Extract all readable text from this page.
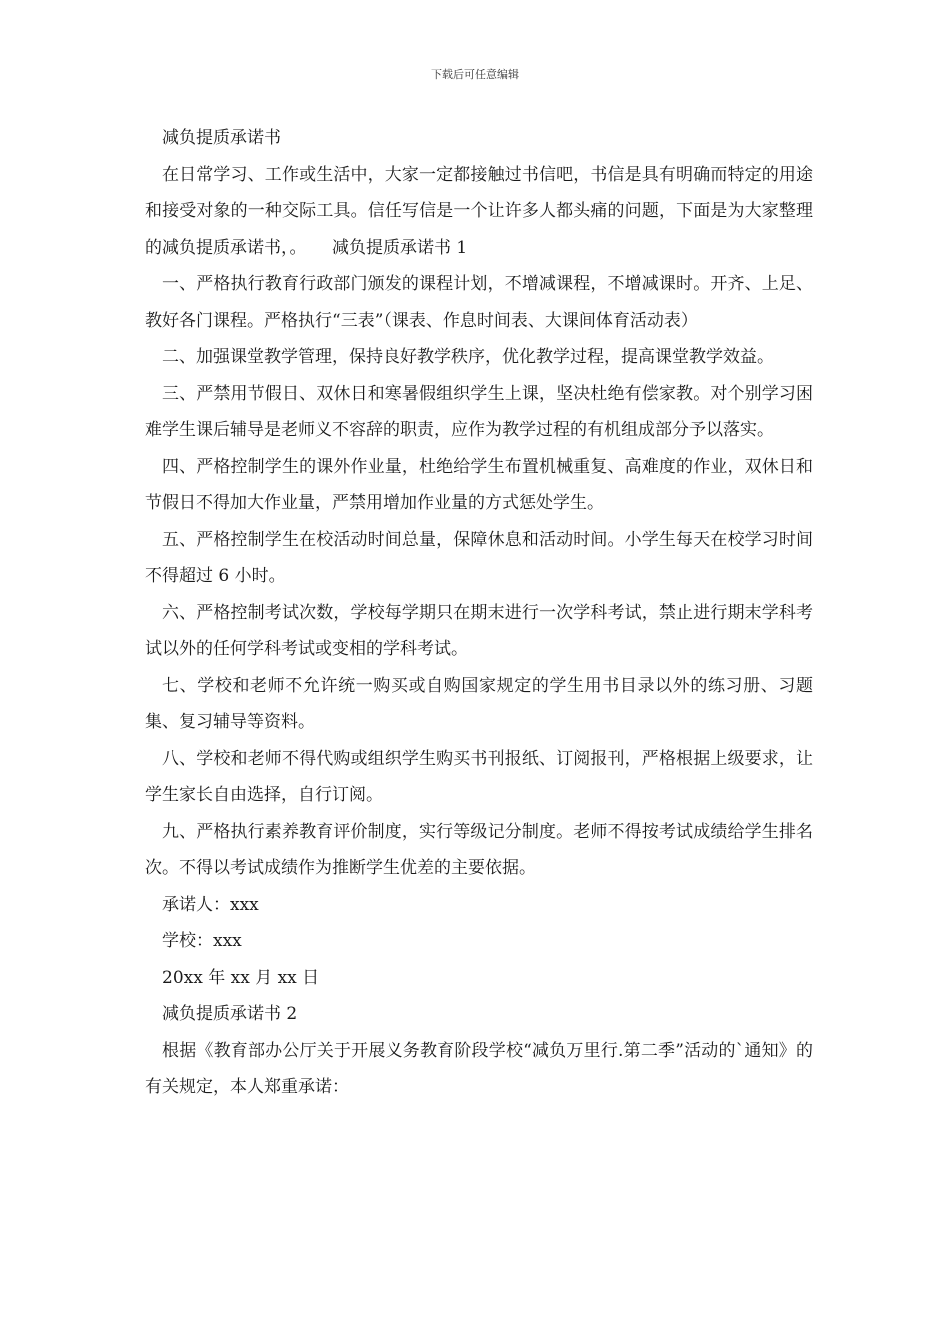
下载后可任意编辑

减负提质承诺书

在日常学习、工作或生活中，大家一定都接触过书信吧，书信是具有明确而特定的用途和接受对象的一种交际工具。信任写信是一个让许多人都头痛的问题，下面是为大家整理的减负提质承诺书，。　　减负提质承诺书 1

一、严格执行教育行政部门颁发的课程计划，不增减课程，不增减课时。开齐、上足、教好各门课程。严格执行“三表”（课表、作息时间表、大课间体育活动表）

二、加强课堂教学管理，保持良好教学秩序，优化教学过程，提高课堂教学效益。

三、严禁用节假日、双休日和寒暑假组织学生上课，坚决杜绝有偿家教。对个别学习困难学生课后辅导是老师义不容辞的职责，应作为教学过程的有机组成部分予以落实。

四、严格控制学生的课外作业量，杜绝给学生布置机械重复、高难度的作业，双休日和节假日不得加大作业量，严禁用增加作业量的方式惩处学生。

五、严格控制学生在校活动时间总量，保障休息和活动时间。小学生每天在校学习时间不得超过 6 小时。

六、严格控制考试次数，学校每学期只在期末进行一次学科考试，禁止进行期末学科考试以外的任何学科考试或变相的学科考试。

七、学校和老师不允许统一购买或自购国家规定的学生用书目录以外的练习册、习题集、复习辅导等资料。

八、学校和老师不得代购或组织学生购买书刊报纸、订阅报刊，严格根据上级要求，让学生家长自由选择，自行订阅。

九、严格执行素养教育评价制度，实行等级记分制度。老师不得按考试成绩给学生排名次。不得以考试成绩作为推断学生优差的主要依据。

承诺人：xxx

学校：xxx

20xx 年 xx 月 xx 日

减负提质承诺书 2

根据《教育部办公厅关于开展义务教育阶段学校“减负万里行.第二季”活动的`通知》的有关规定，本人郑重承诺：
